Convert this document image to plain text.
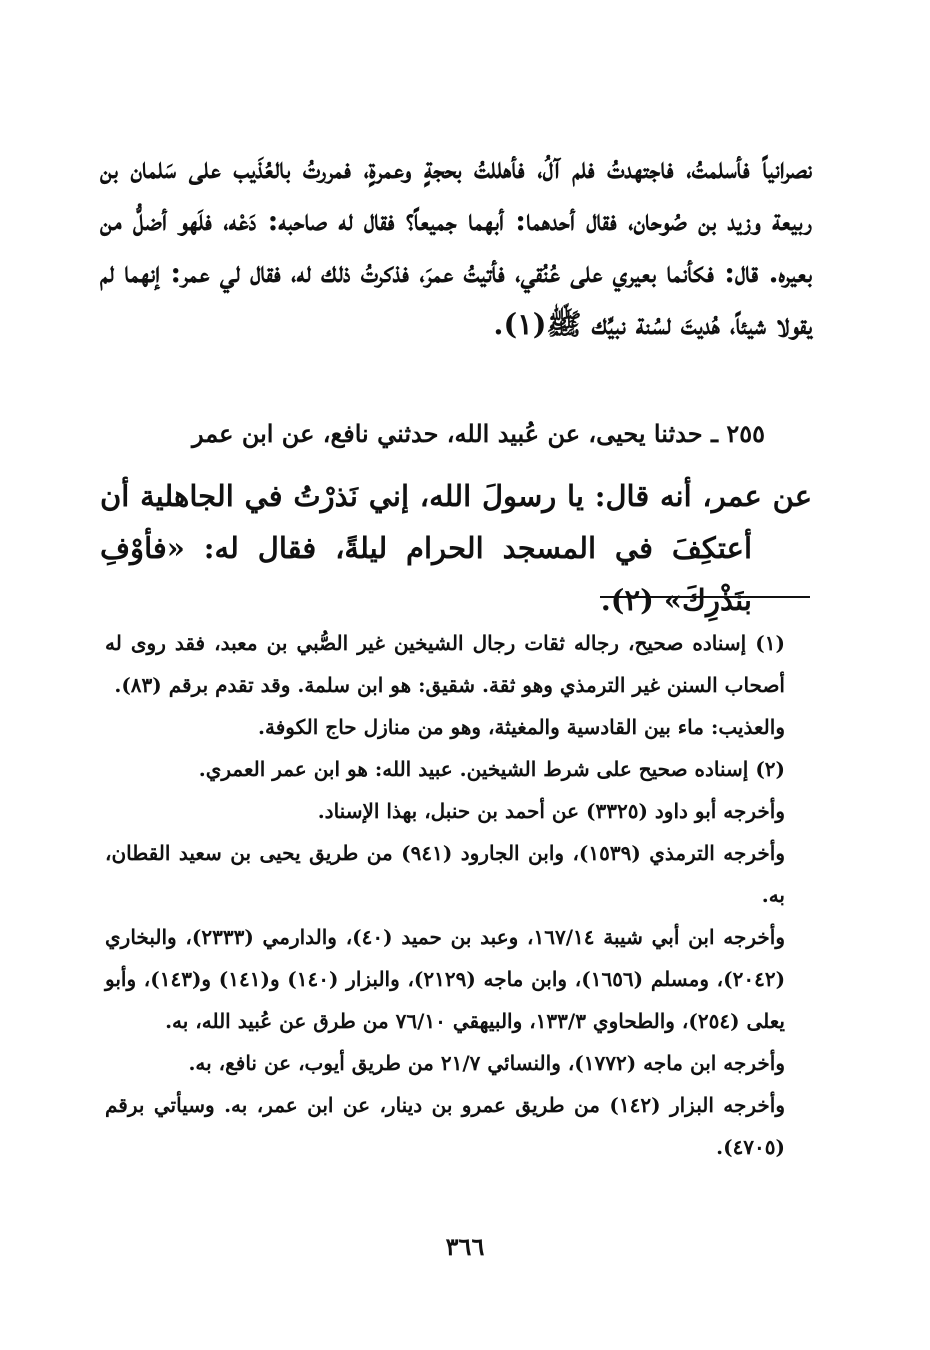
نصرانياً فأسلمتُ، فاجتهدتُ فلم آلُ، فأهللتُ بحجةٍ وعمرةٍ، فمررتُ بالعُذَيب على سَلمان بن ربيعة وزيد بن صُوحان، فقال أحدهما: أبهما جميعاً؟ فقال له صاحبه: دَعْه، فلَهو أضلُّ من بعيره. قال: فكأنما بعيري على عُنُقي، فأتيتُ عمرَ، فذكرتُ ذلك له، فقال لي عمر: إنهما لم يقولا شيئاً، هُديتَ لسُنة نبيِّك ﷺ(١).

٢٥٥ ـ حدثنا يحيى، عن عُبيد الله، حدثني نافع، عن ابن عمر

عن عمر، أنه قال: يا رسولَ الله، إني نَذرْتُ في الجاهلية أن أعتكِفَ في المسجد الحرام ليلةً، فقال له: «فأوْفِ بنَذْرِكَ» (٢).

(١) إسناده صحيح، رجاله ثقات رجال الشيخين غير الصُّبي بن معبد، فقد روى له أصحاب السنن غير الترمذي وهو ثقة. شقيق: هو ابن سلمة. وقد تقدم برقم (٨٣).

والعذيب: ماء بين القادسية والمغيثة، وهو من منازل حاج الكوفة.

(٢) إسناده صحيح على شرط الشيخين. عبيد الله: هو ابن عمر العمري.

وأخرجه أبو داود (٣٣٢٥) عن أحمد بن حنبل، بهذا الإسناد.

وأخرجه الترمذي (١٥٣٩)، وابن الجارود (٩٤١) من طريق يحيى بن سعيد القطان، به.

وأخرجه ابن أبي شيبة ١٦٧/١٤، وعبد بن حميد (٤٠)، والدارمي (٢٣٣٣)، والبخاري (٢٠٤٢)، ومسلم (١٦٥٦)، وابن ماجه (٢١٢٩)، والبزار (١٤٠) و(١٤١) و(١٤٣)، وأبو يعلى (٢٥٤)، والطحاوي ١٣٣/٣، والبيهقي ٧٦/١٠ من طرق عن عُبيد الله، به.

وأخرجه ابن ماجه (١٧٧٢)، والنسائي ٢١/٧ من طريق أيوب، عن نافع، به.

وأخرجه البزار (١٤٢) من طريق عمرو بن دينار، عن ابن عمر، به. وسيأتي برقم (٤٧٠٥).

٣٦٦
